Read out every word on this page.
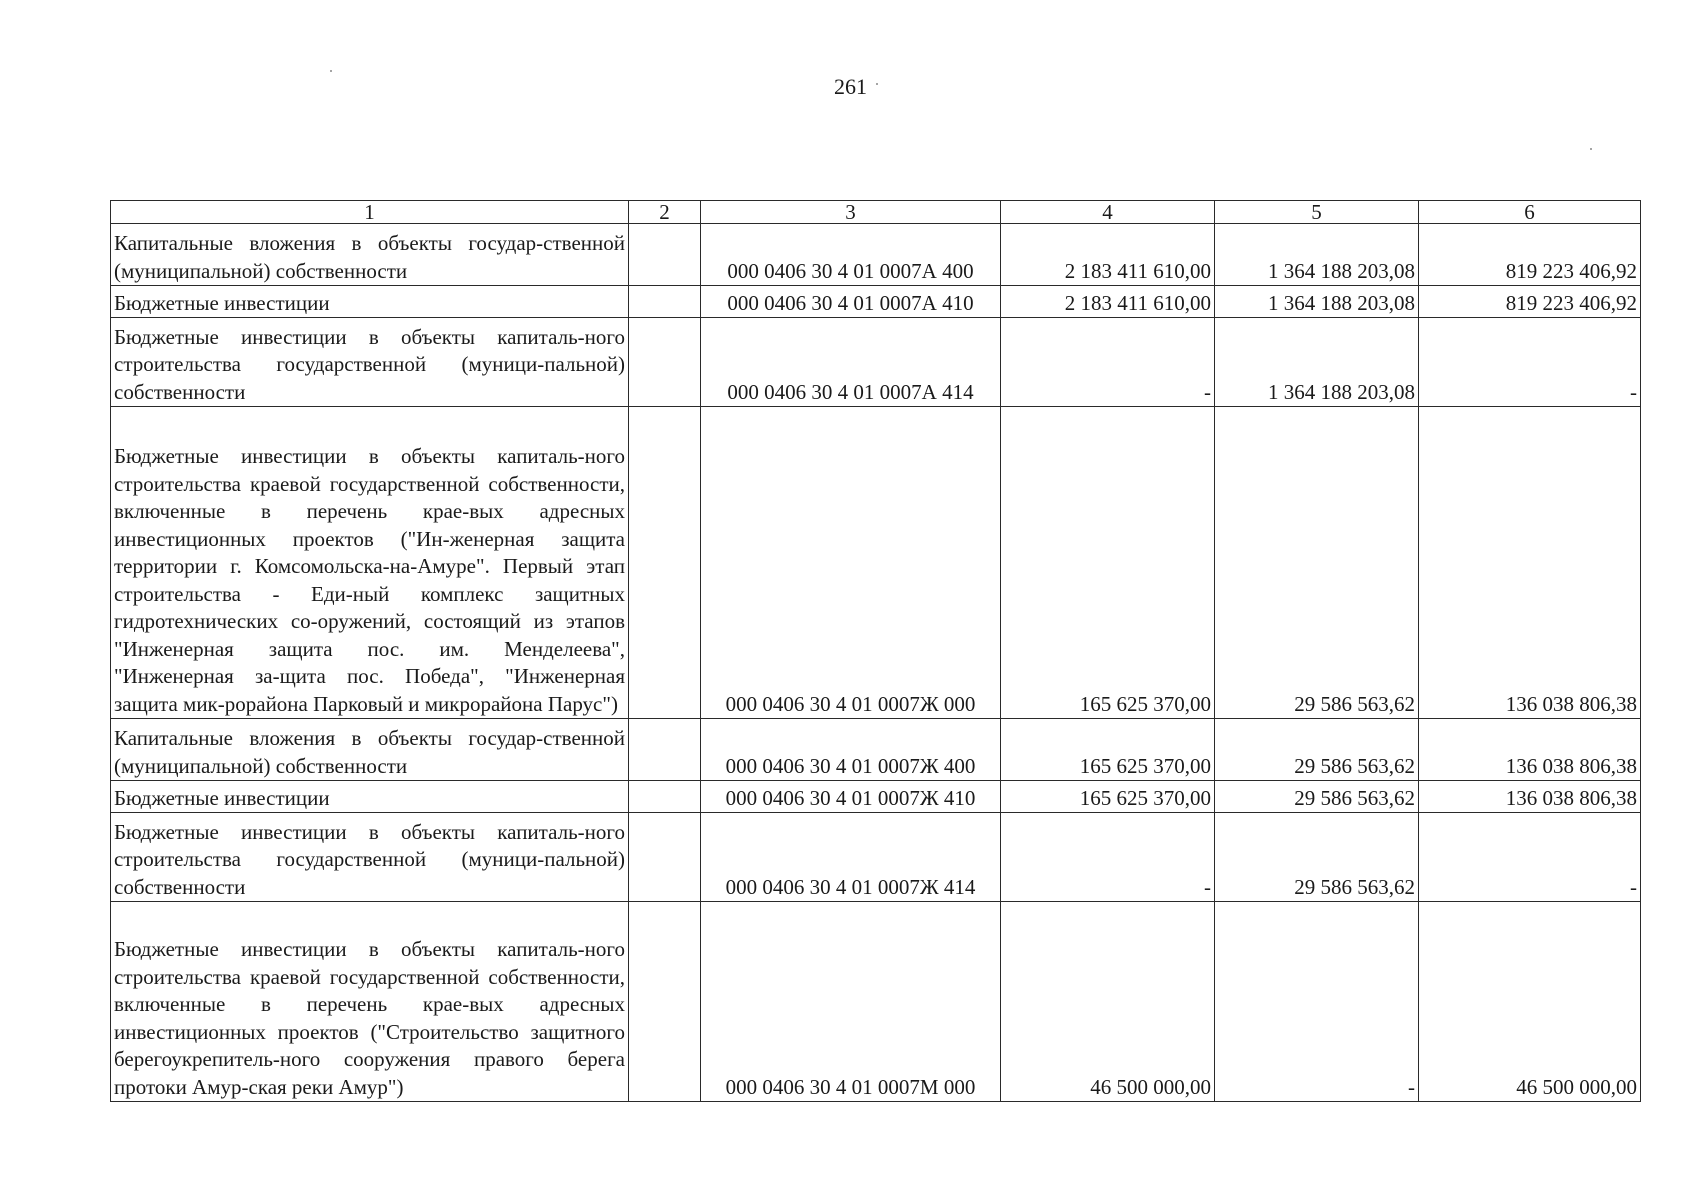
261
1	2	3	4	5	6
Капитальные вложения в объекты государ-ственной (муниципальной) собственности		000 0406 30 4 01 0007А 400	2 183 411 610,00	1 364 188 203,08	819 223 406,92
Бюджетные инвестиции		000 0406 30 4 01 0007А 410	2 183 411 610,00	1 364 188 203,08	819 223 406,92
Бюджетные инвестиции в объекты капиталь-ного строительства государственной (муници-пальной) собственности		000 0406 30 4 01 0007А 414	-	1 364 188 203,08	-
Бюджетные инвестиции в объекты капиталь-ного строительства краевой государственной собственности, включенные в перечень крае-вых адресных инвестиционных проектов ("Ин-женерная защита территории г. Комсомольска-на-Амуре". Первый этап строительства - Еди-ный комплекс защитных гидротехнических со-оружений, состоящий из этапов "Инженерная защита пос. им. Менделеева", "Инженерная за-щита пос. Победа", "Инженерная защита мик-рорайона Парковый и микрорайона Парус")		000 0406 30 4 01 0007Ж 000	165 625 370,00	29 586 563,62	136 038 806,38
Капитальные вложения в объекты государ-ственной (муниципальной) собственности		000 0406 30 4 01 0007Ж 400	165 625 370,00	29 586 563,62	136 038 806,38
Бюджетные инвестиции		000 0406 30 4 01 0007Ж 410	165 625 370,00	29 586 563,62	136 038 806,38
Бюджетные инвестиции в объекты капиталь-ного строительства государственной (муници-пальной) собственности		000 0406 30 4 01 0007Ж 414	-	29 586 563,62	-
Бюджетные инвестиции в объекты капиталь-ного строительства краевой государственной собственности, включенные в перечень крае-вых адресных инвестиционных проектов ("Строительство защитного берегоукрепитель-ного сооружения правого берега протоки Амур-ская реки Амур")		000 0406 30 4 01 0007М 000	46 500 000,00	-	46 500 000,00
